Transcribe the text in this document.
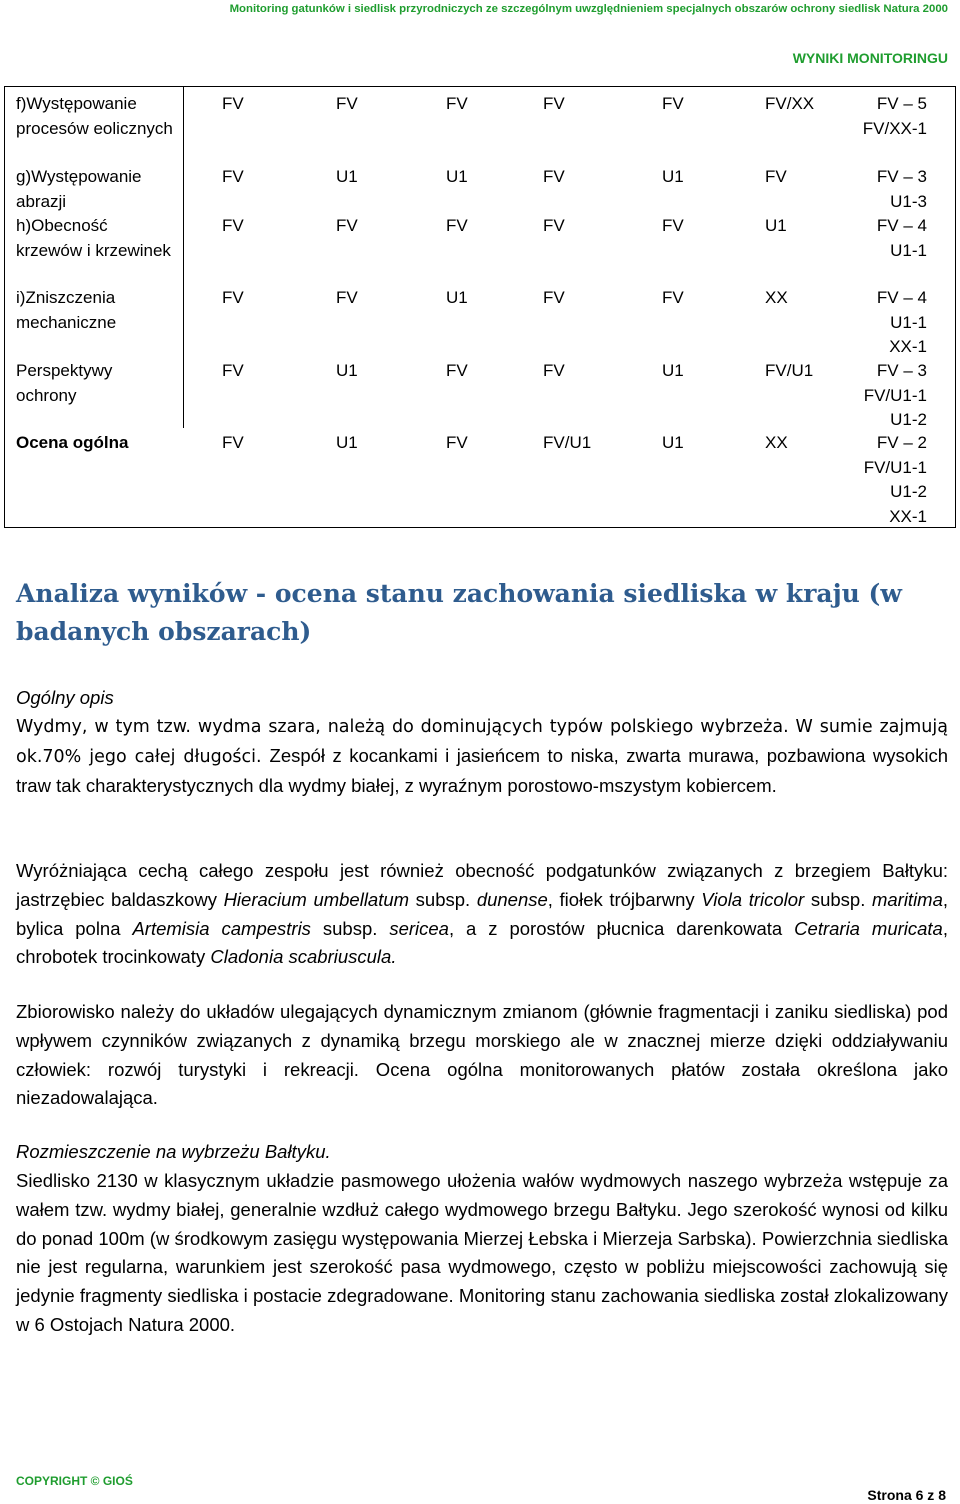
Monitoring gatunków i siedlisk przyrodniczych ze szczególnym uwzględnieniem specjalnych obszarów ochrony siedlisk Natura 2000
WYNIKI MONITORINGU
f)Występowanie procesów eolicznych
FV	FV	FV	FV	FV	FV/XX	FV – 5
FV/XX-1
g)Występowanie abrazji
FV	U1	U1	FV	U1	FV	FV – 3
U1-3
h)Obecność krzewów i krzewinek
FV	FV	FV	FV	FV	U1	FV – 4
U1-1
i)Zniszczenia mechaniczne
FV	FV	U1	FV	FV	XX	FV – 4
U1-1
XX-1
Perspektywy ochrony
FV	U1	FV	FV	U1	FV/U1	FV – 3
FV/U1-1
U1-2
Ocena ogólna	FV	U1	FV	FV/U1	U1	XX	FV – 2
FV/U1-1
U1-2
XX-1
Analiza wyników - ocena stanu zachowania siedliska w kraju (w badanych obszarach)

Ogólny opis

Wydmy, w tym tzw. wydma szara, należą do dominujących typów polskiego wybrzeża. W sumie zajmują ok.70% jego całej długości. Zespół z kocankami i jasieńcem to niska, zwarta murawa, pozbawiona wysokich traw tak charakterystycznych dla wydmy białej, z wyraźnym porostowo-mszystym kobiercem.

Wyróżniająca cechą całego zespołu jest również obecność podgatunków związanych z brzegiem Bałtyku: jastrzębiec baldaszkowy Hieracium umbellatum subsp. dunense, fiołek trójbarwny Viola tricolor subsp. maritima, bylica polna Artemisia campestris subsp. sericea, a z porostów płucnica darenkowata Cetraria muricata, chrobotek trocinkowaty Cladonia scabriuscula.

Zbiorowisko należy do układów ulegających dynamicznym zmianom (głównie fragmentacji i zaniku siedliska) pod wpływem czynników związanych z dynamiką brzegu morskiego ale w znacznej mierze dzięki oddziaływaniu człowiek: rozwój turystyki i rekreacji. Ocena ogólna monitorowanych płatów została określona jako niezadowalająca.

Rozmieszczenie na wybrzeżu Bałtyku.

Siedlisko 2130 w klasycznym układzie pasmowego ułożenia wałów wydmowych naszego wybrzeża wstępuje za wałem tzw. wydmy białej, generalnie wzdłuż całego wydmowego brzegu Bałtyku. Jego szerokość wynosi od kilku do ponad 100m (w środkowym zasięgu występowania Mierzej Łebska i Mierzeja Sarbska). Powierzchnia siedliska nie jest regularna, warunkiem jest szerokość pasa wydmowego, często w pobliżu miejscowości zachowują się jedynie fragmenty siedliska i postacie zdegradowane. Monitoring stanu zachowania siedliska został zlokalizowany w 6 Ostojach Natura 2000.

COPYRIGHT © GIOŚ
Strona 6 z 8
